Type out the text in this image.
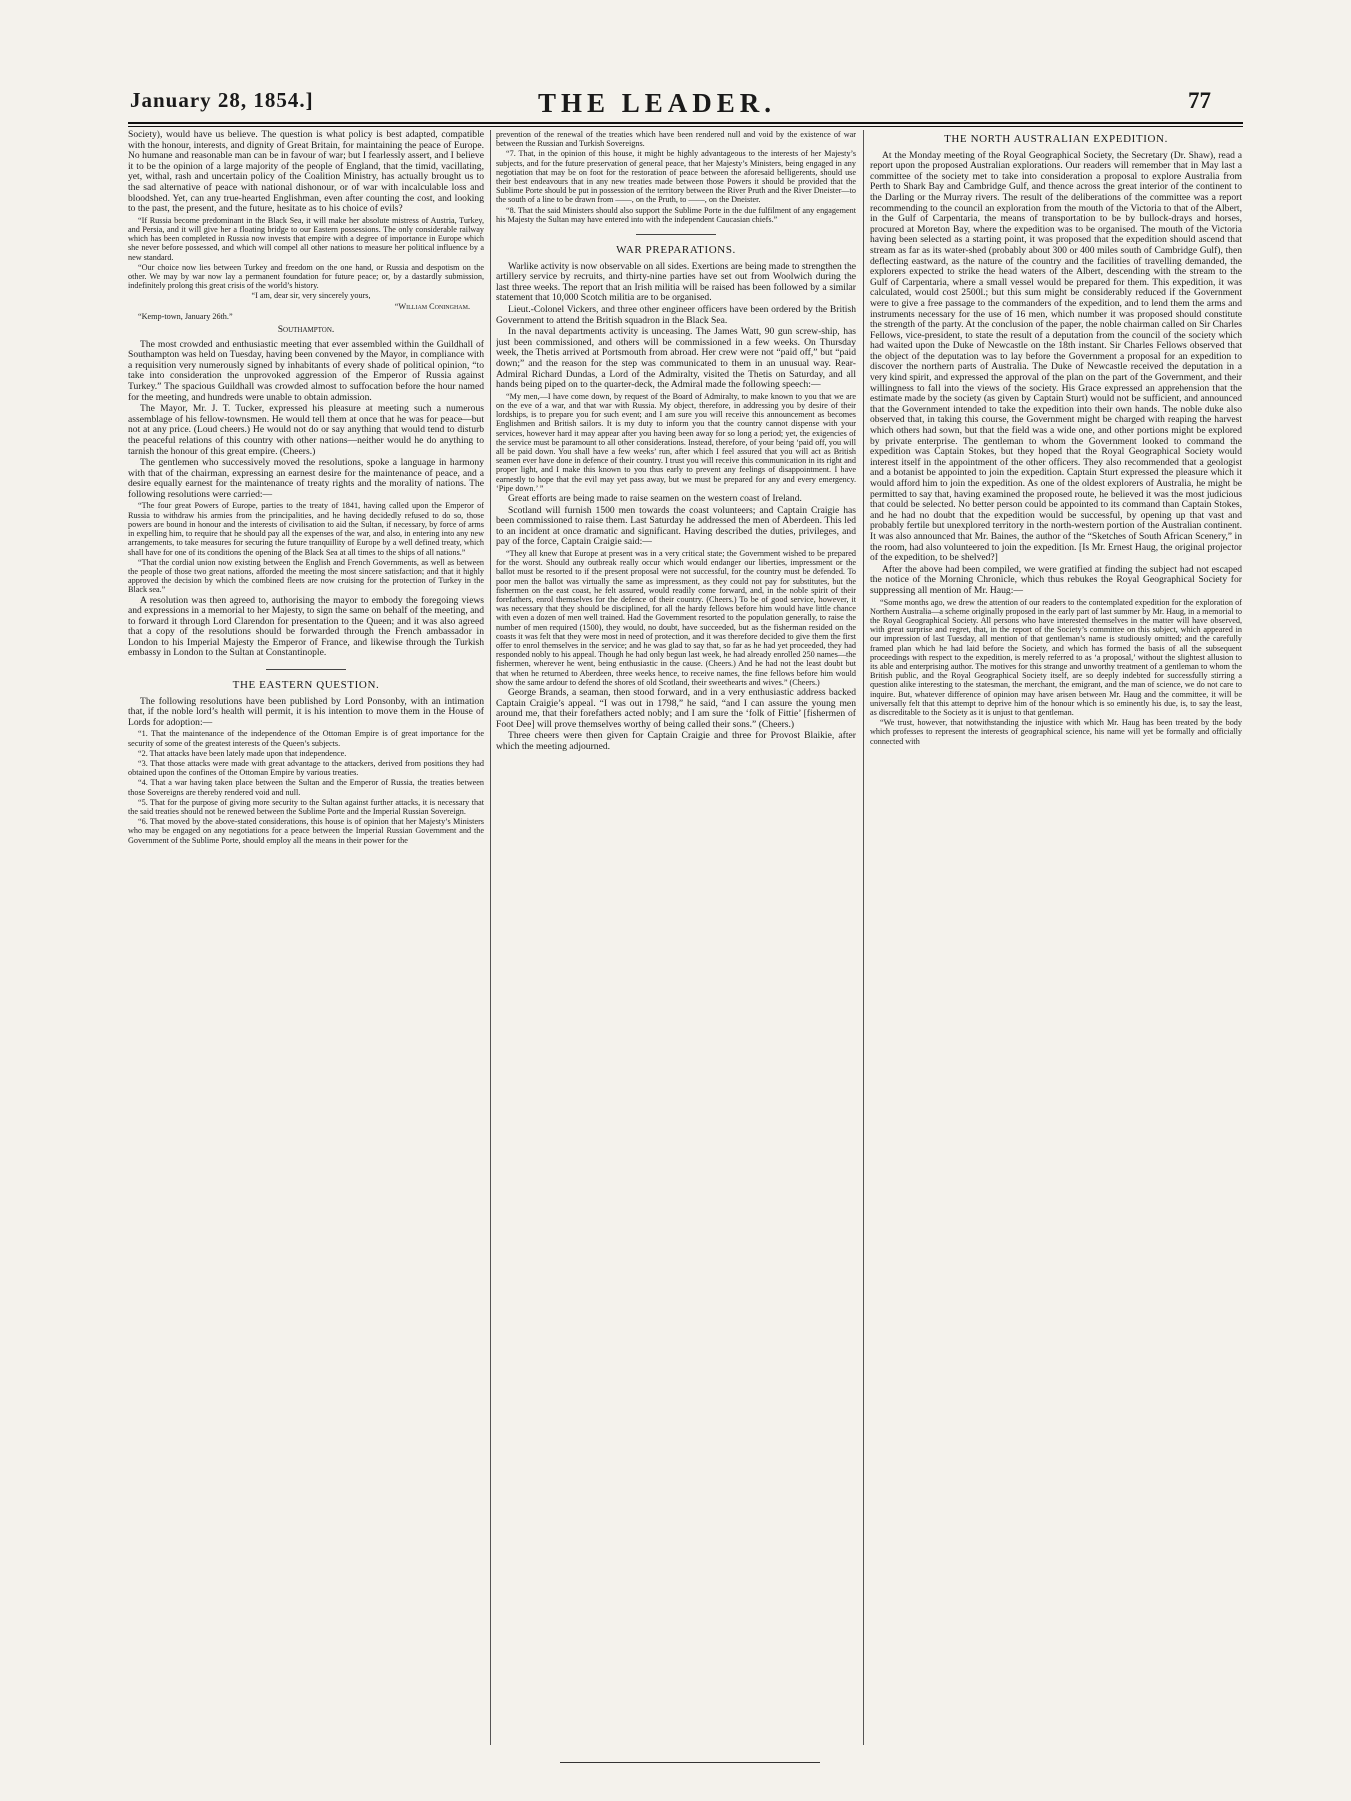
January 28, 1854.]	THE LEADER.	77

Society), would have us believe. The question is what policy is best adapted, compatible with the honour, interests, and dignity of Great Britain, for maintaining the peace of Europe. No humane and reasonable man can be in favour of war; but I fearlessly assert, and I believe it to be the opinion of a large majority of the people of England, that the timid, vacillating, yet, withal, rash and uncertain policy of the Coalition Ministry, has actually brought us to the sad alternative of peace with national dishonour, or of war with incalculable loss and bloodshed. Yet, can any true-hearted Englishman, even after counting the cost, and looking to the past, the present, and the future, hesitate as to his choice of evils?

“If Russia become predominant in the Black Sea, it will make her absolute mistress of Austria, Turkey, and Persia, and it will give her a floating bridge to our Eastern possessions. The only considerable railway which has been completed in Russia now invests that empire with a degree of importance in Europe which she never before possessed, and which will compel all other nations to measure her political influence by a new standard.

“Our choice now lies between Turkey and freedom on the one hand, or Russia and despotism on the other. We may by war now lay a permanent foundation for future peace; or, by a dastardly submission, indefinitely prolong this great crisis of the world’s history.

“I am, dear sir, very sincerely yours,

“William Coningham.

“Kemp-town, January 26th.”

Southampton.

The most crowded and enthusiastic meeting that ever assembled within the Guildhall of Southampton was held on Tuesday, having been convened by the Mayor, in compliance with a requisition very numerously signed by inhabitants of every shade of political opinion, “to take into consideration the unprovoked aggression of the Emperor of Russia against Turkey.” The spacious Guildhall was crowded almost to suffocation before the hour named for the meeting, and hundreds were unable to obtain admission.

The Mayor, Mr. J. T. Tucker, expressed his pleasure at meeting such a numerous assemblage of his fellow-townsmen. He would tell them at once that he was for peace—but not at any price. (Loud cheers.) He would not do or say anything that would tend to disturb the peaceful relations of this country with other nations—neither would he do anything to tarnish the honour of this great empire. (Cheers.)

The gentlemen who successively moved the resolutions, spoke a language in harmony with that of the chairman, expressing an earnest desire for the maintenance of peace, and a desire equally earnest for the maintenance of treaty rights and the morality of nations. The following resolutions were carried:—

“The four great Powers of Europe, parties to the treaty of 1841, having called upon the Emperor of Russia to withdraw his armies from the principalities, and he having decidedly refused to do so, those powers are bound in honour and the interests of civilisation to aid the Sultan, if necessary, by force of arms in expelling him, to require that he should pay all the expenses of the war, and also, in entering into any new arrangements, to take measures for securing the future tranquillity of Europe by a well defined treaty, which shall have for one of its conditions the opening of the Black Sea at all times to the ships of all nations.”

“That the cordial union now existing between the English and French Governments, as well as between the people of those two great nations, afforded the meeting the most sincere satisfaction; and that it highly approved the decision by which the combined fleets are now cruising for the protection of Turkey in the Black sea.”

A resolution was then agreed to, authorising the mayor to embody the foregoing views and expressions in a memorial to her Majesty, to sign the same on behalf of the meeting, and to forward it through Lord Clarendon for presentation to the Queen; and it was also agreed that a copy of the resolutions should be forwarded through the French ambassador in London to his Imperial Majesty the Emperor of France, and likewise through the Turkish embassy in London to the Sultan at Constantinople.

THE EASTERN QUESTION.

The following resolutions have been published by Lord Ponsonby, with an intimation that, if the noble lord’s health will permit, it is his intention to move them in the House of Lords for adoption:—

“1. That the maintenance of the independence of the Ottoman Empire is of great importance for the security of some of the greatest interests of the Queen’s subjects.

“2. That attacks have been lately made upon that independence.

“3. That those attacks were made with great advantage to the attackers, derived from positions they had obtained upon the confines of the Ottoman Empire by various treaties.

“4. That a war having taken place between the Sultan and the Emperor of Russia, the treaties between those Sovereigns are thereby rendered void and null.

“5. That for the purpose of giving more security to the Sultan against further attacks, it is necessary that the said treaties should not be renewed between the Sublime Porte and the Imperial Russian Sovereign.

“6. That moved by the above-stated considerations, this house is of opinion that her Majesty’s Ministers who may be engaged on any negotiations for a peace between the Imperial Russian Government and the Government of the Sublime Porte, should employ all the means in their power for the

prevention of the renewal of the treaties which have been rendered null and void by the existence of war between the Russian and Turkish Sovereigns.

“7. That, in the opinion of this house, it might be highly advantageous to the interests of her Majesty’s subjects, and for the future preservation of general peace, that her Majesty’s Ministers, being engaged in any negotiation that may be on foot for the restoration of peace between the aforesaid belligerents, should use their best endeavours that in any new treaties made between those Powers it should be provided that the Sublime Porte should be put in possession of the territory between the River Pruth and the River Dneister—to the south of a line to be drawn from ——, on the Pruth, to ——, on the Dneister.

“8. That the said Ministers should also support the Sublime Porte in the due fulfilment of any engagement his Majesty the Sultan may have entered into with the independent Caucasian chiefs.”

WAR PREPARATIONS.

Warlike activity is now observable on all sides. Exertions are being made to strengthen the artillery service by recruits, and thirty-nine parties have set out from Woolwich during the last three weeks. The report that an Irish militia will be raised has been followed by a similar statement that 10,000 Scotch militia are to be organised.

Lieut.-Colonel Vickers, and three other engineer officers have been ordered by the British Government to attend the British squadron in the Black Sea.

In the naval departments activity is unceasing. The James Watt, 90 gun screw-ship, has just been commissioned, and others will be commissioned in a few weeks. On Thursday week, the Thetis arrived at Portsmouth from abroad. Her crew were not “paid off,” but “paid down;” and the reason for the step was communicated to them in an unusual way. Rear-Admiral Richard Dundas, a Lord of the Admiralty, visited the Thetis on Saturday, and all hands being piped on to the quarter-deck, the Admiral made the following speech:—

“My men,—I have come down, by request of the Board of Admiralty, to make known to you that we are on the eve of a war, and that war with Russia. My object, therefore, in addressing you by desire of their lordships, is to prepare you for such event; and I am sure you will receive this announcement as becomes Englishmen and British sailors. It is my duty to inform you that the country cannot dispense with your services, however hard it may appear after you having been away for so long a period; yet, the exigencies of the service must be paramount to all other considerations. Instead, therefore, of your being ‘paid off, you will all be paid down. You shall have a few weeks’ run, after which I feel assured that you will act as British seamen ever have done in defence of their country. I trust you will receive this communication in its right and proper light, and I make this known to you thus early to prevent any feelings of disappointment. I have earnestly to hope that the evil may yet pass away, but we must be prepared for any and every emergency. ‘Pipe down.’ ”

Great efforts are being made to raise seamen on the western coast of Ireland.

Scotland will furnish 1500 men towards the coast volunteers; and Captain Craigie has been commissioned to raise them. Last Saturday he addressed the men of Aberdeen. This led to an incident at once dramatic and significant. Having described the duties, privileges, and pay of the force, Captain Craigie said:—

“They all knew that Europe at present was in a very critical state; the Government wished to be prepared for the worst. Should any outbreak really occur which would endanger our liberties, impressment or the ballot must be resorted to if the present proposal were not successful, for the country must be defended. To poor men the ballot was virtually the same as impressment, as they could not pay for substitutes, but the fishermen on the east coast, he felt assured, would readily come forward, and, in the noble spirit of their forefathers, enrol themselves for the defence of their country. (Cheers.) To be of good service, however, it was necessary that they should be disciplined, for all the hardy fellows before him would have little chance with even a dozen of men well trained. Had the Government resorted to the population generally, to raise the number of men required (1500), they would, no doubt, have succeeded, but as the fisherman resided on the coasts it was felt that they were most in need of protection, and it was therefore decided to give them the first offer to enrol themselves in the service; and he was glad to say that, so far as he had yet proceeded, they had responded nobly to his appeal. Though he had only begun last week, he had already enrolled 250 names—the fishermen, wherever he went, being enthusiastic in the cause. (Cheers.) And he had not the least doubt but that when he returned to Aberdeen, three weeks hence, to receive names, the fine fellows before him would show the same ardour to defend the shores of old Scotland, their sweethearts and wives.” (Cheers.)

George Brands, a seaman, then stood forward, and in a very enthusiastic address backed Captain Craigie’s appeal. “I was out in 1798,” he said, “and I can assure the young men around me, that their forefathers acted nobly; and I am sure the ‘folk of Fittie’ [fishermen of Foot Dee] will prove themselves worthy of being called their sons.” (Cheers.)

Three cheers were then given for Captain Craigie and three for Provost Blaikie, after which the meeting adjourned.

THE NORTH AUSTRALIAN EXPEDITION.

At the Monday meeting of the Royal Geographical Society, the Secretary (Dr. Shaw), read a report upon the proposed Australian explorations. Our readers will remember that in May last a committee of the society met to take into consideration a proposal to explore Australia from Perth to Shark Bay and Cambridge Gulf, and thence across the great interior of the continent to the Darling or the Murray rivers. The result of the deliberations of the committee was a report recommending to the council an exploration from the mouth of the Victoria to that of the Albert, in the Gulf of Carpentaria, the means of transportation to be by bullock-drays and horses, procured at Moreton Bay, where the expedition was to be organised. The mouth of the Victoria having been selected as a starting point, it was proposed that the expedition should ascend that stream as far as its water-shed (probably about 300 or 400 miles south of Cambridge Gulf), then deflecting eastward, as the nature of the country and the facilities of travelling demanded, the explorers expected to strike the head waters of the Albert, descending with the stream to the Gulf of Carpentaria, where a small vessel would be prepared for them. This expedition, it was calculated, would cost 2500l.; but this sum might be considerably reduced if the Government were to give a free passage to the commanders of the expedition, and to lend them the arms and instruments necessary for the use of 16 men, which number it was proposed should constitute the strength of the party. At the conclusion of the paper, the noble chairman called on Sir Charles Fellows, vice-president, to state the result of a deputation from the council of the society which had waited upon the Duke of Newcastle on the 18th instant. Sir Charles Fellows observed that the object of the deputation was to lay before the Government a proposal for an expedition to discover the northern parts of Australia. The Duke of Newcastle received the deputation in a very kind spirit, and expressed the approval of the plan on the part of the Government, and their willingness to fall into the views of the society. His Grace expressed an apprehension that the estimate made by the society (as given by Captain Sturt) would not be sufficient, and announced that the Government intended to take the expedition into their own hands. The noble duke also observed that, in taking this course, the Government might be charged with reaping the harvest which others had sown, but that the field was a wide one, and other portions might be explored by private enterprise. The gentleman to whom the Government looked to command the expedition was Captain Stokes, but they hoped that the Royal Geographical Society would interest itself in the appointment of the other officers. They also recommended that a geologist and a botanist be appointed to join the expedition. Captain Sturt expressed the pleasure which it would afford him to join the expedition. As one of the oldest explorers of Australia, he might be permitted to say that, having examined the proposed route, he believed it was the most judicious that could be selected. No better person could be appointed to its command than Captain Stokes, and he had no doubt that the expedition would be successful, by opening up that vast and probably fertile but unexplored territory in the north-western portion of the Australian continent. It was also announced that Mr. Baines, the author of the “Sketches of South African Scenery,” in the room, had also volunteered to join the expedition. [Is Mr. Ernest Haug, the original projector of the expedition, to be shelved?]

After the above had been compiled, we were gratified at finding the subject had not escaped the notice of the Morning Chronicle, which thus rebukes the Royal Geographical Society for suppressing all mention of Mr. Haug:—

“Some months ago, we drew the attention of our readers to the contemplated expedition for the exploration of Northern Australia—a scheme originally proposed in the early part of last summer by Mr. Haug, in a memorial to the Royal Geographical Society. All persons who have interested themselves in the matter will have observed, with great surprise and regret, that, in the report of the Society’s committee on this subject, which appeared in our impression of last Tuesday, all mention of that gentleman’s name is studiously omitted; and the carefully framed plan which he had laid before the Society, and which has formed the basis of all the subsequent proceedings with respect to the expedition, is merely referred to as ‘a proposal,’ without the slightest allusion to its able and enterprising author. The motives for this strange and unworthy treatment of a gentleman to whom the British public, and the Royal Geographical Society itself, are so deeply indebted for successfully stirring a question alike interesting to the statesman, the merchant, the emigrant, and the man of science, we do not care to inquire. But, whatever difference of opinion may have arisen between Mr. Haug and the committee, it will be universally felt that this attempt to deprive him of the honour which is so eminently his due, is, to say the least, as discreditable to the Society as it is unjust to that gentleman.

“We trust, however, that notwithstanding the injustice with which Mr. Haug has been treated by the body which professes to represent the interests of geographical science, his name will yet be formally and officially connected with
